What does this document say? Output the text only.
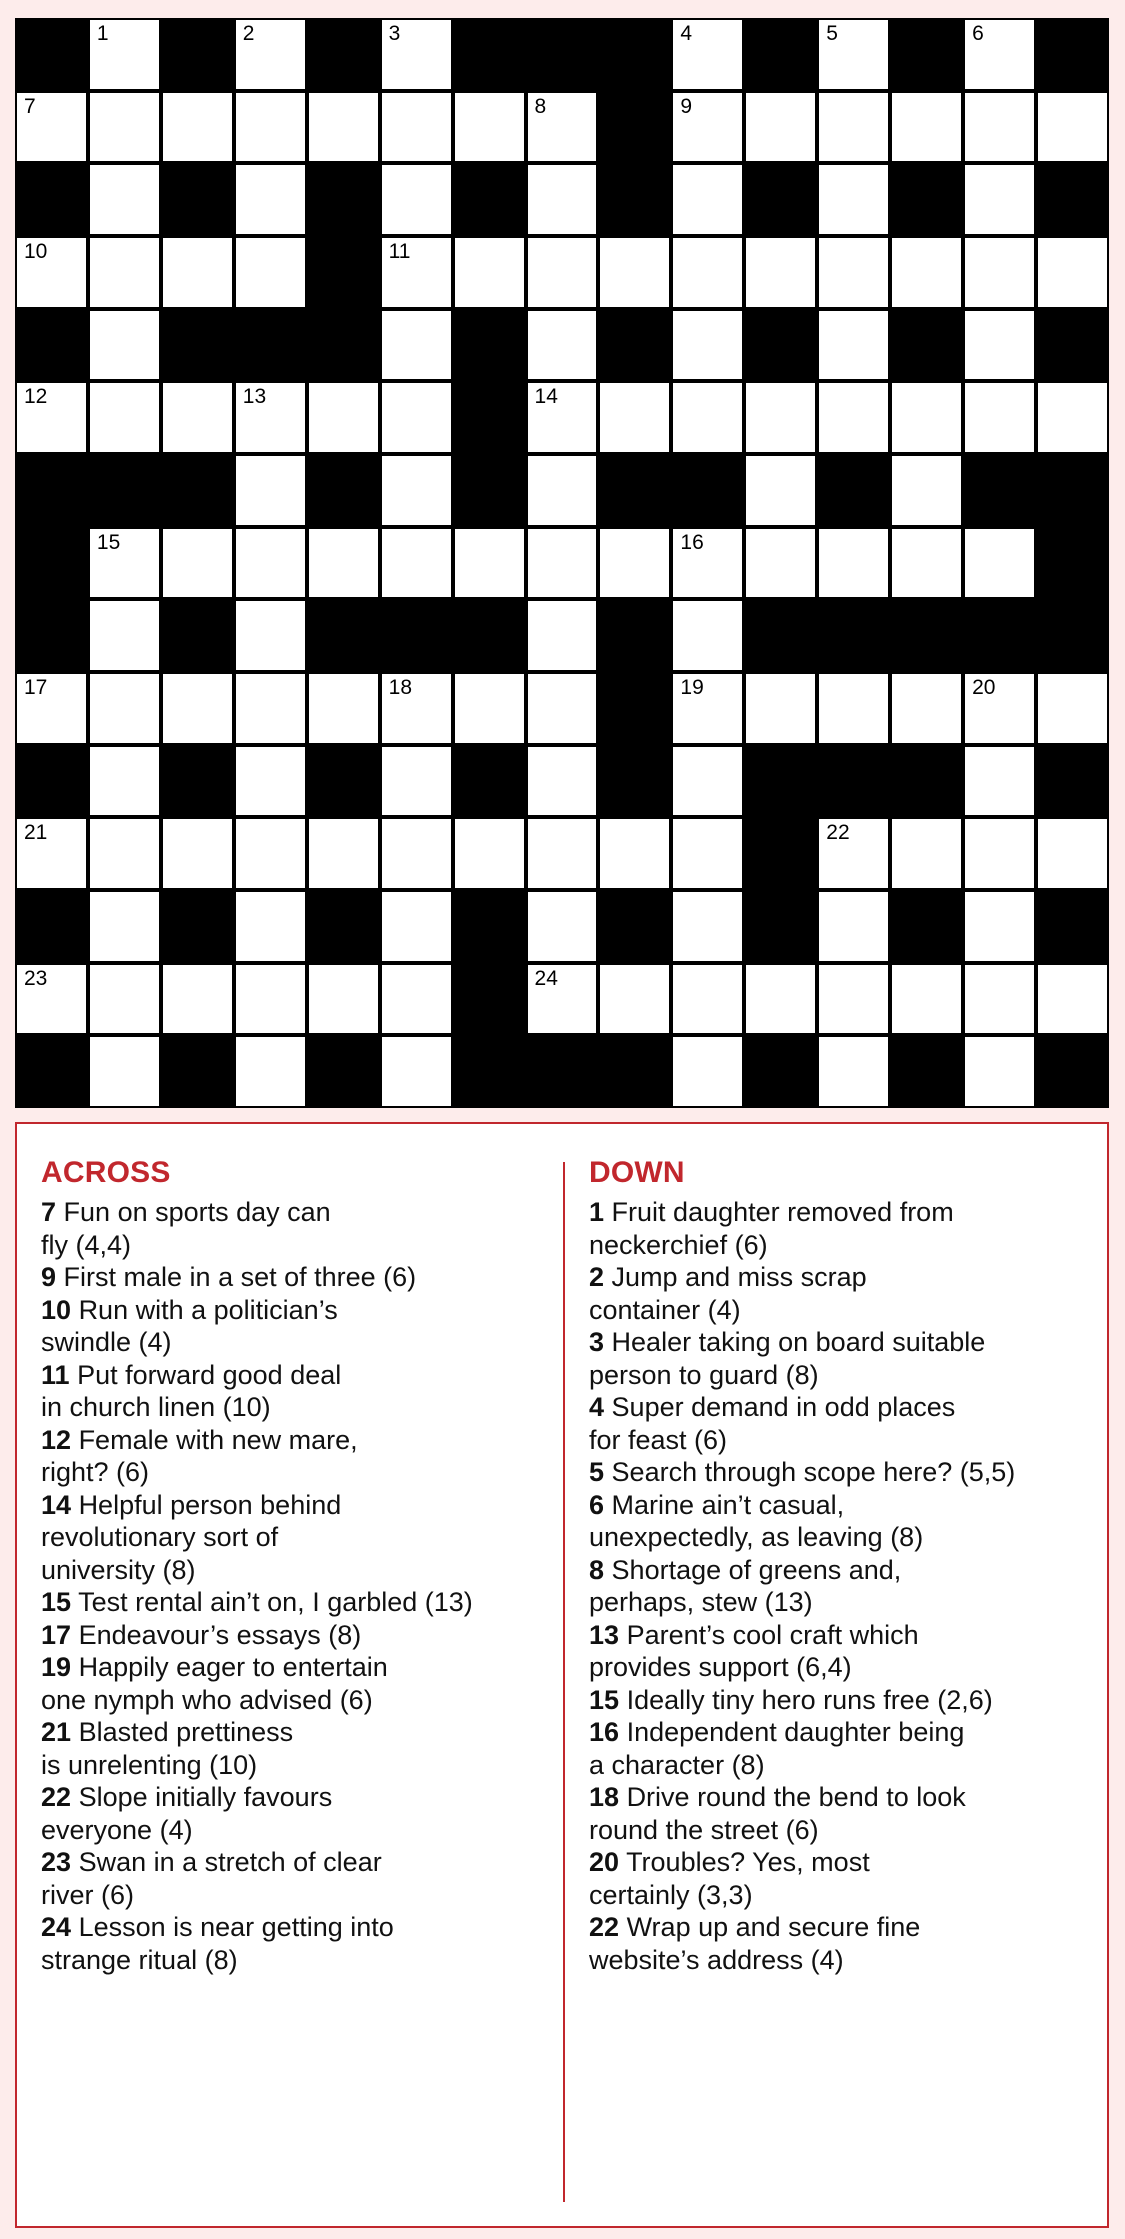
1	2	3	4	5	6
7	8	9
10	11
12	13	14
15	16
17	18	19	20
21	22
23	24
ACROSS
7 Fun on sports day can
fly (4,4)
9 First male in a set of three (6)
10 Run with a politician’s
swindle (4)
11 Put forward good deal
in church linen (10)
12 Female with new mare,
right? (6)
14 Helpful person behind
revolutionary sort of
university (8)
15 Test rental ain’t on, I garbled (13)
17 Endeavour’s essays (8)
19 Happily eager to entertain
one nymph who advised (6)
21 Blasted prettiness
is unrelenting (10)
22 Slope initially favours
everyone (4)
23 Swan in a stretch of clear
river (6)
24 Lesson is near getting into
strange ritual (8)
DOWN
1 Fruit daughter removed from
neckerchief (6)
2 Jump and miss scrap
container (4)
3 Healer taking on board suitable
person to guard (8)
4 Super demand in odd places
for feast (6)
5 Search through scope here? (5,5)
6 Marine ain’t casual,
unexpectedly, as leaving (8)
8 Shortage of greens and,
perhaps, stew (13)
13 Parent’s cool craft which
provides support (6,4)
15 Ideally tiny hero runs free (2,6)
16 Independent daughter being
a character (8)
18 Drive round the bend to look
round the street (6)
20 Troubles? Yes, most
certainly (3,3)
22 Wrap up and secure fine
website’s address (4)
